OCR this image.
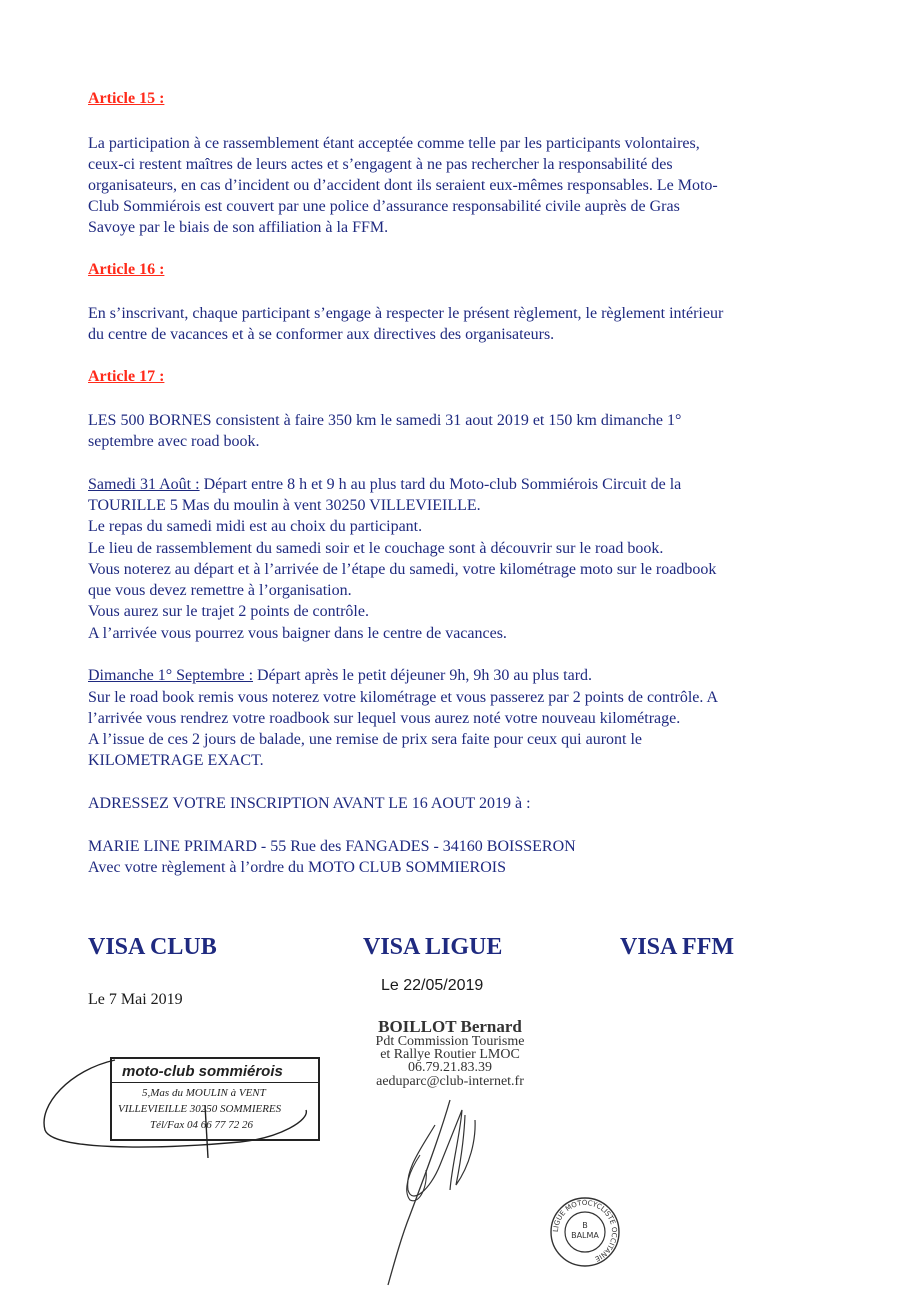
Article 15 :
La participation à ce rassemblement étant acceptée comme telle par les participants volontaires,
ceux-ci restent maîtres de leurs actes et s’engagent à ne pas rechercher la responsabilité des
organisateurs, en cas d’incident ou d’accident dont ils seraient eux-mêmes responsables. Le Moto-
Club Sommiérois est couvert par une police d’assurance responsabilité civile auprès de Gras
Savoye par le biais de son affiliation à la FFM.
Article 16 :
En s’inscrivant, chaque participant s’engage à respecter le présent règlement, le règlement intérieur
du centre de vacances et à se conformer aux directives des organisateurs.
Article 17 :
LES 500 BORNES consistent à faire 350 km le samedi 31 aout 2019 et 150 km dimanche 1°
septembre avec road book.
Samedi 31 Août : Départ entre 8 h et 9 h au plus tard du Moto-club Sommiérois Circuit de la
TOURILLE 5 Mas du moulin à vent 30250 VILLEVIEILLE.
Le repas du samedi midi est au choix du participant.
Le lieu de rassemblement du samedi soir et le couchage sont à découvrir sur le road book.
Vous noterez au départ et à l’arrivée de l’étape du samedi, votre kilométrage moto sur le roadbook
que vous devez remettre à l’organisation.
Vous aurez sur le trajet 2 points de contrôle.
A l’arrivée vous pourrez vous baigner dans le centre de vacances.
Dimanche 1° Septembre : Départ après le petit déjeuner 9h, 9h 30 au plus tard.
Sur le road book remis vous noterez votre kilométrage et vous passerez par 2 points de contrôle. A
l’arrivée vous rendrez votre roadbook sur lequel vous aurez noté votre nouveau kilométrage.
A l’issue de ces 2 jours de balade, une remise de prix sera faite pour ceux qui auront le
KILOMETRAGE EXACT.
ADRESSEZ VOTRE INSCRIPTION AVANT LE 16 AOUT 2019 à :
MARIE LINE PRIMARD - 55 Rue des FANGADES - 34160 BOISSERON
Avec votre règlement à l’ordre du MOTO CLUB SOMMIEROIS
VISA CLUB	VISA LIGUE	VISA FFM
Le 7 Mai 2019
Le 22/05/2019
moto-club sommiérois
5,Mas du MOULIN à VENT
VILLEVIEILLE 30250 SOMMIERES
Tél/Fax 04 66 77 72 26
BOILLOT Bernard
Pdt Commission Tourisme
et Rallye Routier LMOC
06.79.21.83.39
aeduparc@club-internet.fr
LIGUE MOTOCYCLISTE OCCITANIE
B
BALMA
